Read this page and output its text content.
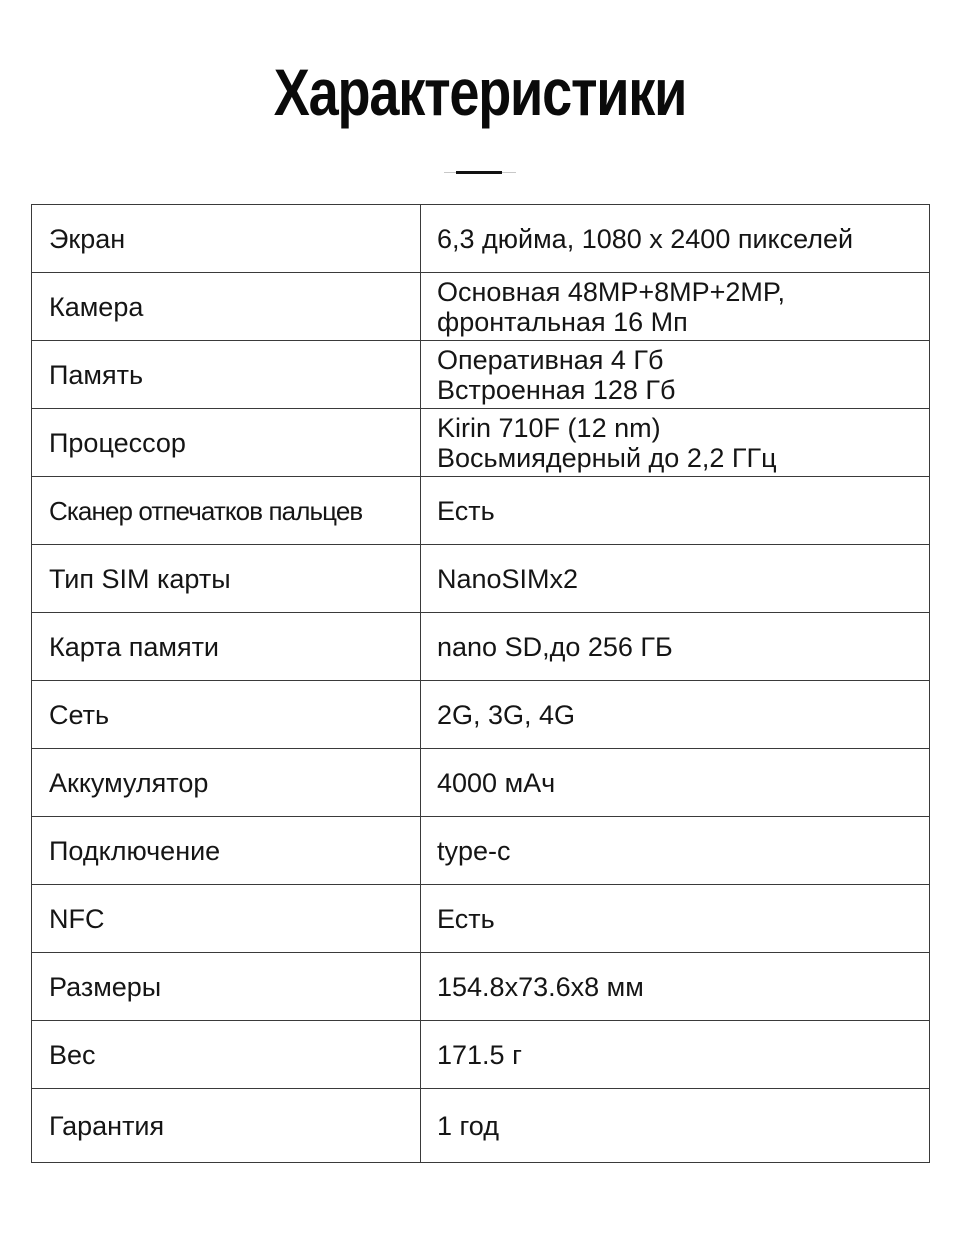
Характеристики
Экран	6,3 дюйма, 1080 x 2400 пикселей

Камера	Основная 48MP+8MP+2MP,
фронтальная 16 Мп

Память	Оперативная 4 Гб
Встроенная 128 Гб

Процессор	Kirin 710F (12 nm)
Восьмиядерный до 2,2 ГГц

Сканер отпечатков пальцев	Есть

Тип SIM карты	NanoSIMx2

Карта памяти	nano SD,до 256 ГБ

Сеть	2G, 3G, 4G

Аккумулятор	4000 мАч

Подключение	type-c

NFC	Есть

Размеры	154.8x73.6x8 мм

Вес	171.5 г

Гарантия	1 год
